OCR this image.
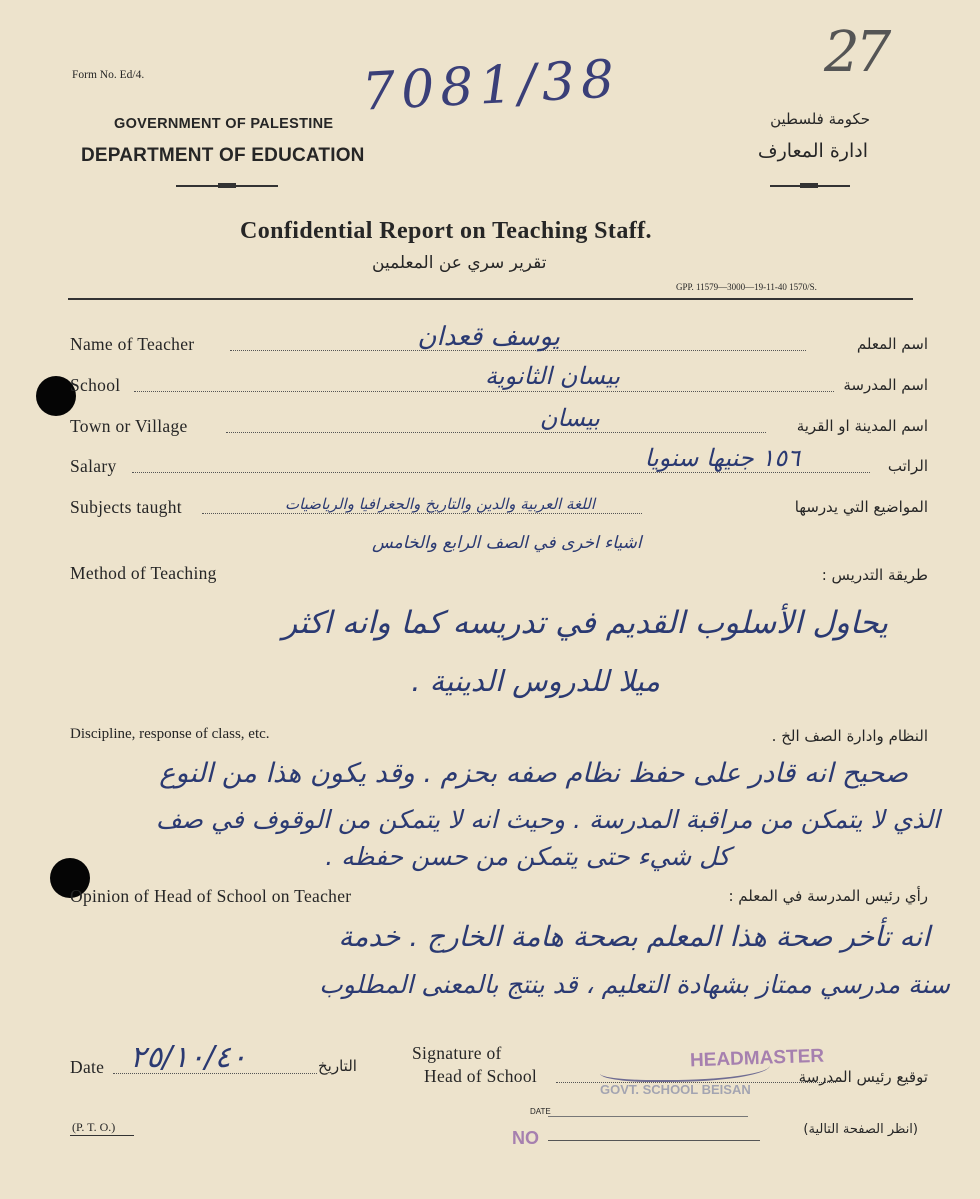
Form No. Ed/4.	7081/38	27
GOVERNMENT OF PALESTINE
DEPARTMENT OF EDUCATION
حكومة فلسطين
ادارة المعارف
Confidential Report on Teaching Staff.
تقرير سري عن المعلمين
GPP. 11579—3000—19-11-40 1570/S.
Name of Teacher	اسم المعلم
يوسف قعدان
School	اسم المدرسة
بيسان الثانوية
Town or Village	اسم المدينة او القرية
بيسان
Salary	الراتب
١٥٦ جنيها سنويا
Subjects taught	المواضيع التي يدرسها
اللغة العربية والدين والتاريخ والجغرافيا والرياضيات
اشياء اخرى في الصف الرابع والخامس
Method of Teaching	طريقة التدريس :
يحاول الأسلوب القديم في تدريسه كما وانه اكثر
ميلا للدروس الدينية .
Discipline, response of class, etc.	النظام وادارة الصف الخ .
صحيح انه قادر على حفظ نظام صفه بحزم . وقد يكون هذا من النوع
الذي لا يتمكن من مراقبة المدرسة . وحيث انه لا يتمكن من الوقوف في صف
كل شيء حتى يتمكن من حسن حفظه .
Opinion of Head of School on Teacher	رأي رئيس المدرسة في المعلم :
انه تأخر صحة هذا المعلم بصحة هامة الخارج . خدمة
سنة مدرسي ممتاز بشهادة التعليم ، قد ينتج بالمعنى المطلوب
Date ٢٥/١٠/٤٠	التاريخ
Signature of
Head of School	توقيع رئيس المدرسة
HEADMASTER
GOVT. SCHOOL BEISAN
DATE
NO
(P. T. O.)	(انظر الصفحة التالية)
